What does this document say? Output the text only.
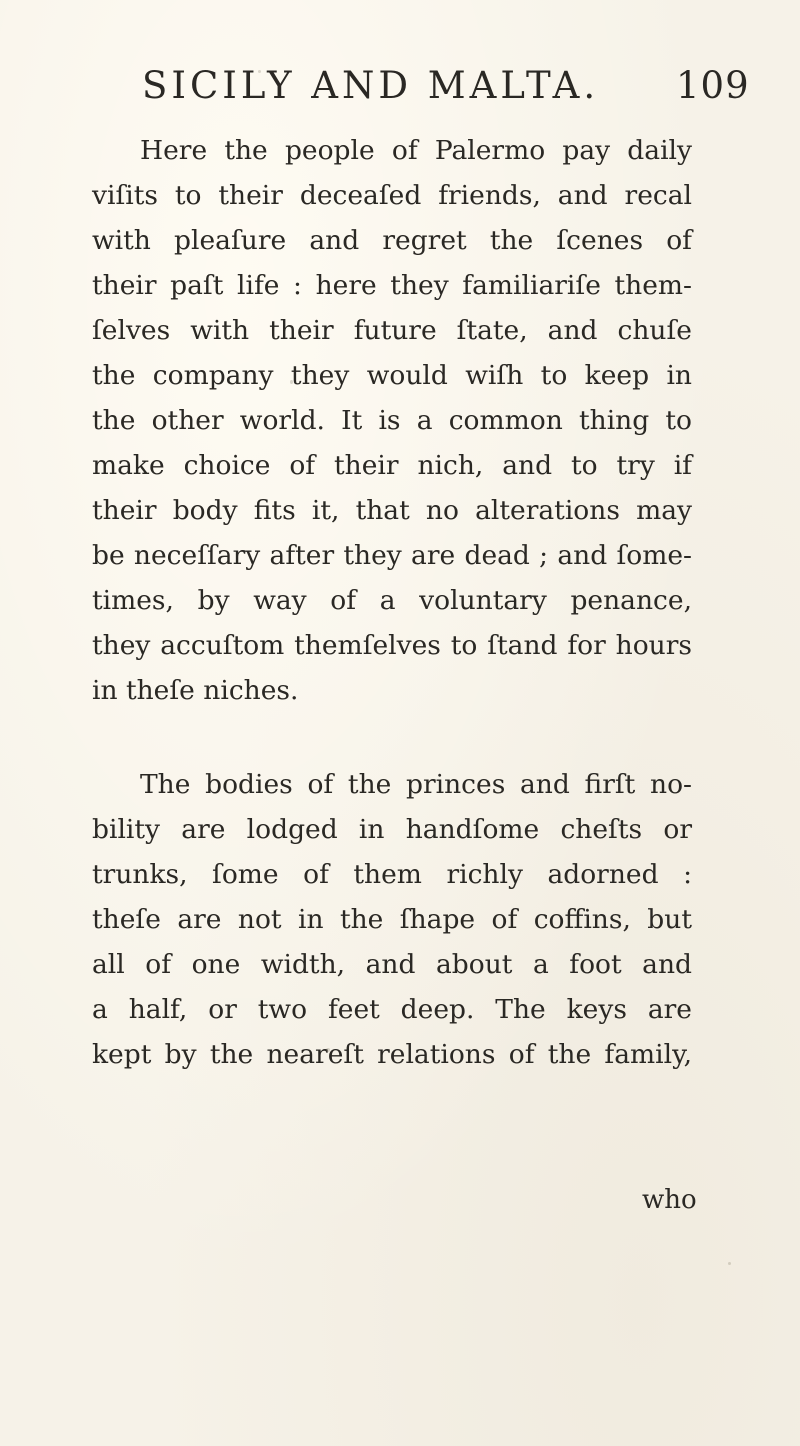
SICILY AND MALTA. 109

Here the people of Palermo pay daily
viſits to their deceaſed friends, and recal
with pleaſure and regret the ſcenes of
their paſt life : here they familiariſe them-
ſelves with their future ſtate, and chuſe
the company they would wiſh to keep in
the other world. It is a common thing to
make choice of their nich, and to try if
their body fits it, that no alterations may
be neceſſary after they are dead ; and ſome-
times, by way of a voluntary penance,
they accuſtom themſelves to ſtand for hours
in theſe niches.

The bodies of the princes and firſt no-
bility are lodged in handſome cheſts or
trunks, ſome of them richly adorned :
theſe are not in the ſhape of coffins, but
all of one width, and about a foot and
a half, or two feet deep. The keys are
kept by the neareſt relations of the family,

who
